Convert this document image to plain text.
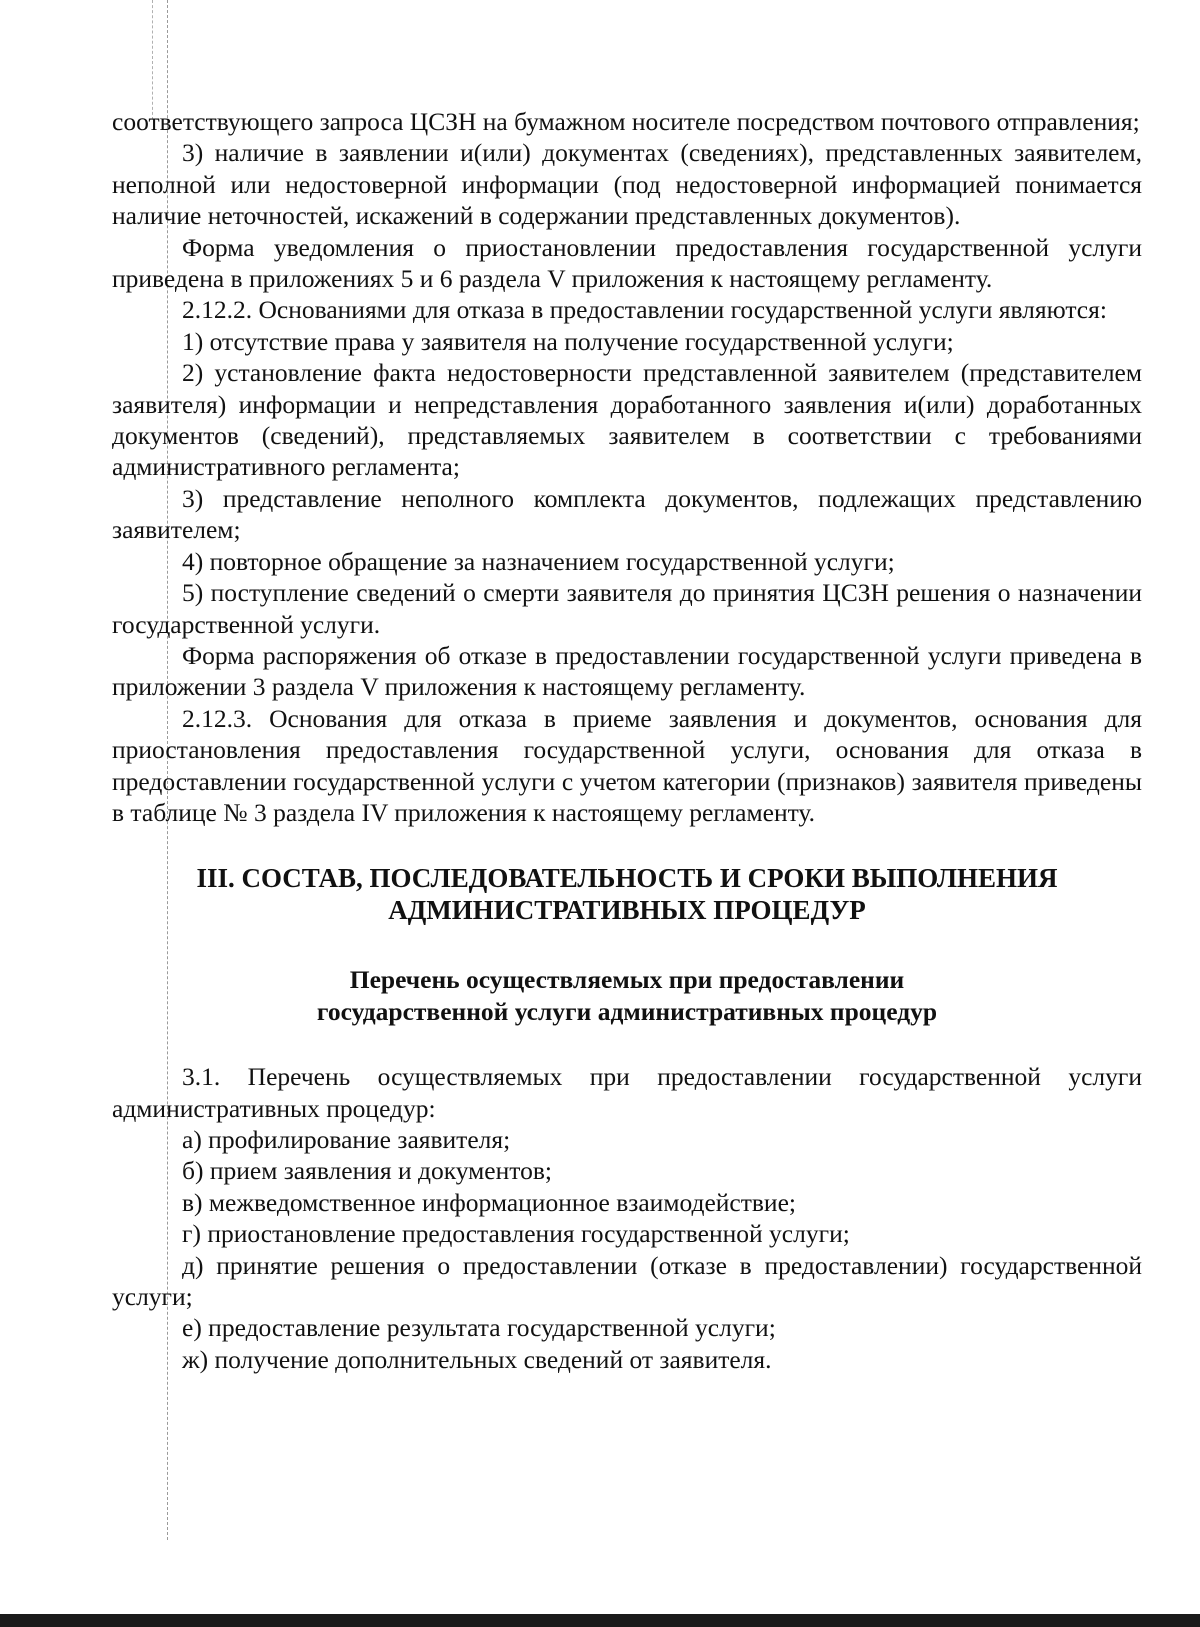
соответствующего запроса ЦСЗН на бумажном носителе посредством почтового отправления;

3) наличие в заявлении и(или) документах (сведениях), представленных заявителем, неполной или недостоверной информации (под недостоверной информацией понимается наличие неточностей, искажений в содержании представленных документов).

Форма уведомления о приостановлении предоставления государственной услуги приведена в приложениях 5 и 6 раздела V приложения к настоящему регламенту.

2.12.2. Основаниями для отказа в предоставлении государственной услуги являются:

1) отсутствие права у заявителя на получение государственной услуги;

2) установление факта недостоверности представленной заявителем (представителем заявителя) информации и непредставления доработанного заявления и(или) доработанных документов (сведений), представляемых заявителем в соответствии с требованиями административного регламента;

3) представление неполного комплекта документов, подлежащих представлению заявителем;

4) повторное обращение за назначением государственной услуги;

5) поступление сведений о смерти заявителя до принятия ЦСЗН решения о назначении государственной услуги.

Форма распоряжения об отказе в предоставлении государственной услуги приведена в приложении 3 раздела V приложения к настоящему регламенту.

2.12.3. Основания для отказа в приеме заявления и документов, основания для приостановления предоставления государственной услуги, основания для отказа в предоставлении государственной услуги с учетом категории (признаков) заявителя приведены в таблице № 3 раздела IV приложения к настоящему регламенту.

III. СОСТАВ, ПОСЛЕДОВАТЕЛЬНОСТЬ И СРОКИ ВЫПОЛНЕНИЯ

АДМИНИСТРАТИВНЫХ ПРОЦЕДУР

Перечень осуществляемых при предоставлении

государственной услуги административных процедур

3.1. Перечень осуществляемых при предоставлении государственной услуги административных процедур:

а) профилирование заявителя;

б) прием заявления и документов;

в) межведомственное информационное взаимодействие;

г) приостановление предоставления государственной услуги;

д) принятие решения о предоставлении (отказе в предоставлении) государственной услуги;

е) предоставление результата государственной услуги;

ж) получение дополнительных сведений от заявителя.
